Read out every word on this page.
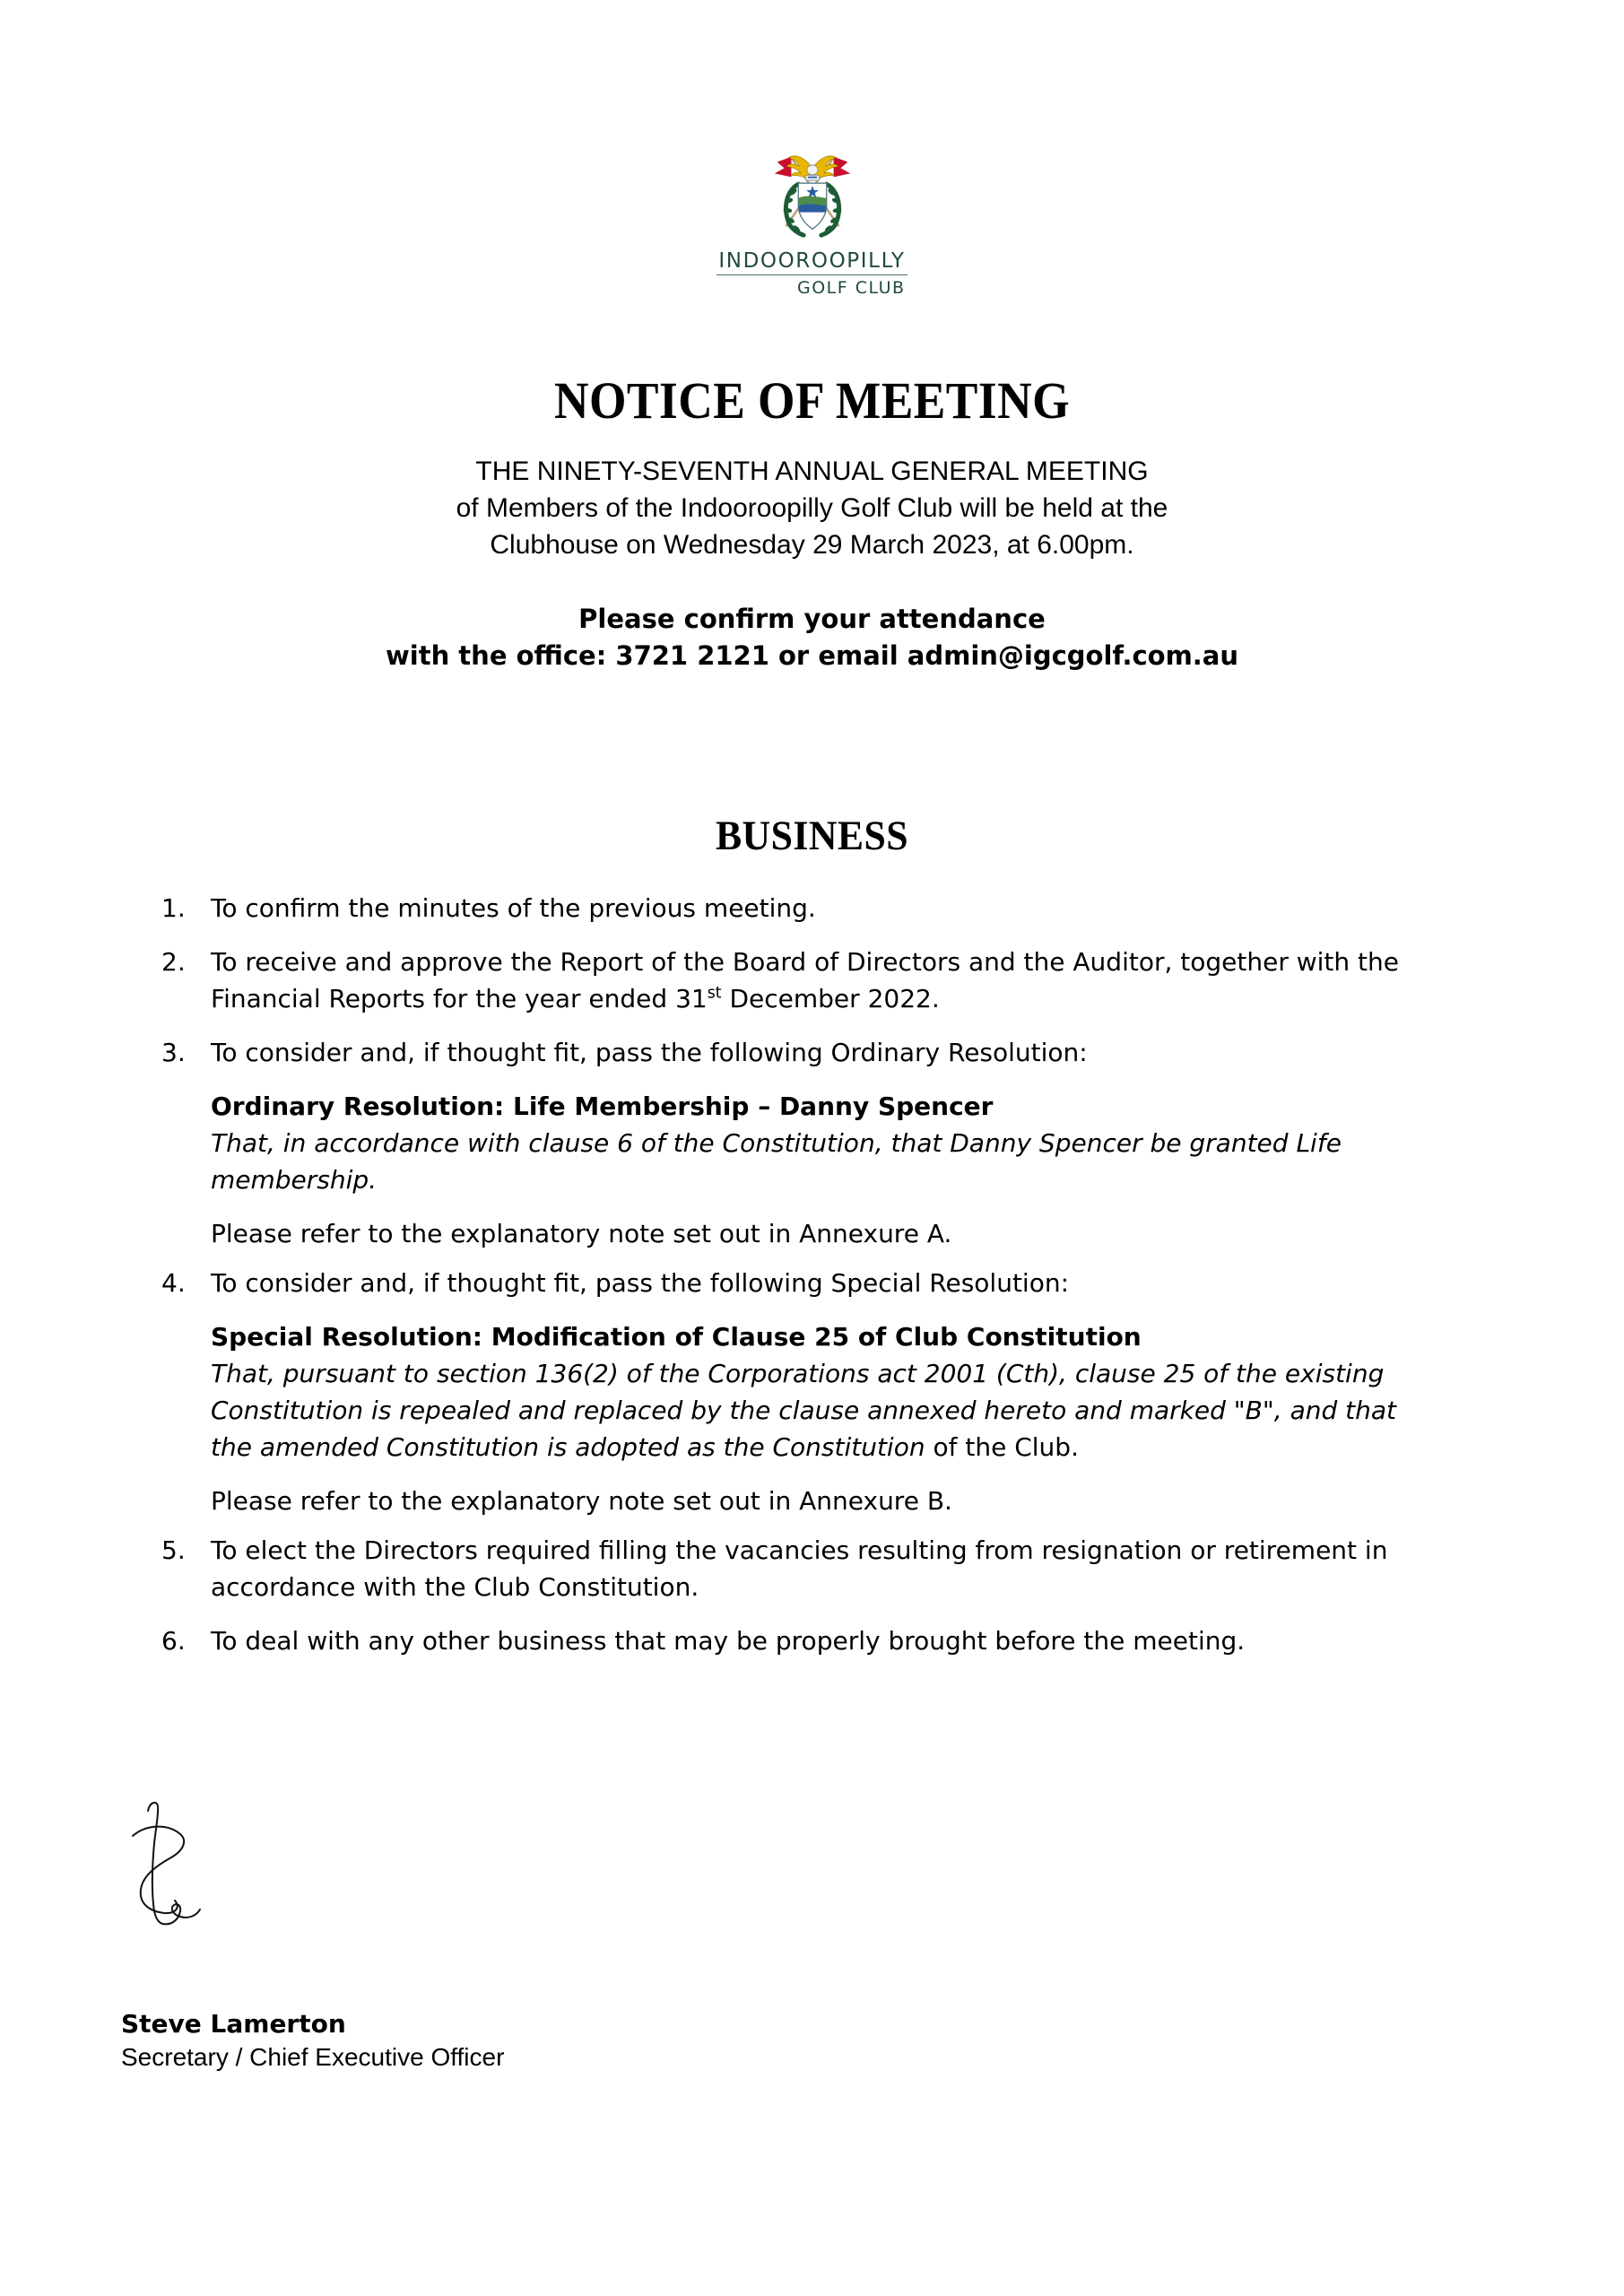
INDOOROOPILLY
GOLF CLUB
NOTICE OF MEETING
THE NINETY-SEVENTH ANNUAL GENERAL MEETING
of Members of the Indooroopilly Golf Club will be held at the
Clubhouse on Wednesday 29 March 2023, at 6.00pm.
Please confirm your attendance
with the office: 3721 2121 or email admin@igcgolf.com.au
BUSINESS
1.	To confirm the minutes of the previous meeting.
2.	To receive and approve the Report of the Board of Directors and the Auditor, together with the Financial Reports for the year ended 31st December 2022.
3.	To consider and, if thought fit, pass the following Ordinary Resolution:
Ordinary Resolution: Life Membership – Danny Spencer
That, in accordance with clause 6 of the Constitution, that Danny Spencer be granted Life membership.
Please refer to the explanatory note set out in Annexure A.
4.	To consider and, if thought fit, pass the following Special Resolution:
Special Resolution: Modification of Clause 25 of Club Constitution
That, pursuant to section 136(2) of the Corporations act 2001 (Cth), clause 25 of the existing Constitution is repealed and replaced by the clause annexed hereto and marked "B", and that the amended Constitution is adopted as the Constitution of the Club.
Please refer to the explanatory note set out in Annexure B.
5.	To elect the Directors required filling the vacancies resulting from resignation or retirement in accordance with the Club Constitution.
6.	To deal with any other business that may be properly brought before the meeting.
Steve Lamerton
Secretary / Chief Executive Officer
